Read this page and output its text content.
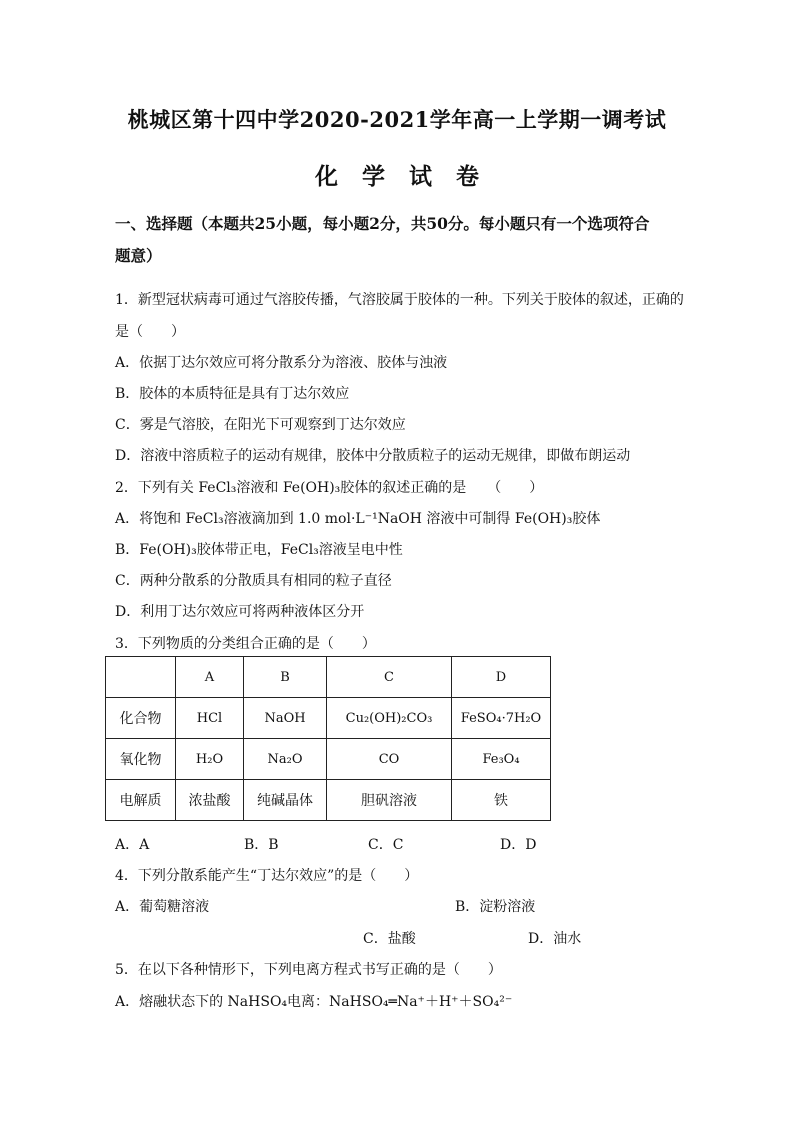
桃城区第十四中学2020-2021学年高一上学期一调考试
化学试卷
一、选择题（本题共25小题，每小题2分，共50分。每小题只有一个选项符合
题意）
1．新型冠状病毒可通过气溶胶传播，气溶胶属于胶体的一种。下列关于胶体的叙述，正确的
是（　　）
A．依据丁达尔效应可将分散系分为溶液、胶体与浊液
B．胶体的本质特征是具有丁达尔效应
C．雾是气溶胶，在阳光下可观察到丁达尔效应
D．溶液中溶质粒子的运动有规律，胶体中分散质粒子的运动无规律，即做布朗运动
2．下列有关 FeCl₃溶液和 Fe(OH)₃胶体的叙述正确的是　　（　　）
A．将饱和 FeCl₃溶液滴加到 1.0 mol·L⁻¹NaOH 溶液中可制得 Fe(OH)₃胶体
B．Fe(OH)₃胶体带正电，FeCl₃溶液呈电中性
C．两种分散系的分散质具有相同的粒子直径
D．利用丁达尔效应可将两种液体区分开
3．下列物质的分类组合正确的是（　　）
	A	B	C	D
化合物	HCl	NaOH	Cu₂(OH)₂CO₃	FeSO₄·7H₂O
氧化物	H₂O	Na₂O	CO	Fe₃O₄
电解质	浓盐酸	纯碱晶体	胆矾溶液	铁
A．A	B．B	C．C	D．D
4．下列分散系能产生“丁达尔效应”的是（　　）
A．葡萄糖溶液	B．淀粉溶液
C．盐酸	D．油水
5．在以下各种情形下，下列电离方程式书写正确的是（　　）
A．熔融状态下的 NaHSO₄电离：NaHSO₄═Na⁺＋H⁺＋SO₄²⁻
